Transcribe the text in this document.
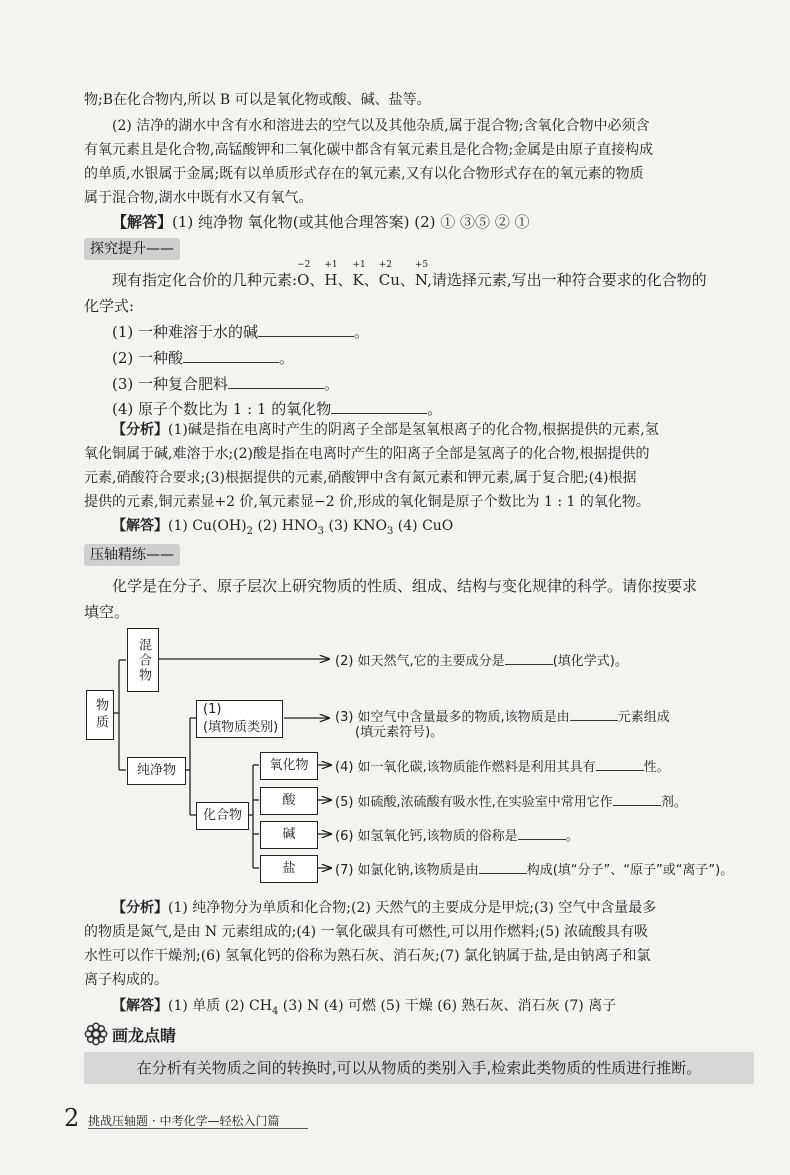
物;B在化合物内,所以 B 可以是氧化物或酸、碱、盐等。
(2) 洁净的湖水中含有水和溶进去的空气以及其他杂质,属于混合物;含氧化合物中必须含
有氧元素且是化合物,高锰酸钾和二氧化碳中都含有氧元素且是化合物;金属是由原子直接构成
的单质,水银属于金属;既有以单质形式存在的氧元素,又有以化合物形式存在的氧元素的物质
属于混合物,湖水中既有水又有氧气。
【解答】(1) 纯净物 氧化物(或其他合理答案) (2) ① ③⑤ ② ①
探究提升——
现有指定化合价的几种元素:
−2
O、
+1
H、
+1
K、
+2
Cu、
+5
N,请选择元素,写出一种符合要求的化合物的
化学式:
(1) 一种难溶于水的碱	。
(2) 一种酸	。
(3) 一种复合肥料	。
(4) 原子个数比为 1 : 1 的氧化物	。
【分析】(1)碱是指在电离时产生的阴离子全部是氢氧根离子的化合物,根据提供的元素,氢
氧化铜属于碱,难溶于水;(2)酸是指在电离时产生的阳离子全部是氢离子的化合物,根据提供的
元素,硝酸符合要求;(3)根据提供的元素,硝酸钾中含有氮元素和钾元素,属于复合肥;(4)根据
提供的元素,铜元素显+2 价,氧元素显−2 价,形成的氧化铜是原子个数比为 1 : 1 的氧化物。
【解答】(1) $Cu(OH)_2$ (2) $HNO_3$ (3) $KNO_3$ (4) CuO
压轴精练——
化学是在分子、原子层次上研究物质的性质、组成、结构与变化规律的科学。请你按要求
填空。
物质
混合物
纯净物
(1)
(填物质类别)
化合物
氧化物
酸
碱
盐
(2) 如天然气,它的主要成分是	(填化学式)。
(3) 如空气中含量最多的物质,该物质是由	元素组成
(填元素符号)。
(4) 如一氧化碳,该物质能作燃料是利用其具有	性。
(5) 如硫酸,浓硫酸有吸水性,在实验室中常用它作	剂。
(6) 如氢氧化钙,该物质的俗称是	。
(7) 如氯化钠,该物质是由	构成(填“分子”、“原子”或“离子”)。
【分析】(1) 纯净物分为单质和化合物;(2) 天然气的主要成分是甲烷;(3) 空气中含量最多
的物质是氮气,是由 N 元素组成的;(4) 一氧化碳具有可燃性,可以用作燃料;(5) 浓硫酸具有吸
水性可以作干燥剂;(6) 氢氧化钙的俗称为熟石灰、消石灰;(7) 氯化钠属于盐,是由钠离子和氯
离子构成的。
【解答】(1) 单质 (2) $CH_4$ (3) N (4) 可燃 (5) 干燥 (6) 熟石灰、消石灰 (7) 离子
画龙点睛
在分析有关物质之间的转换时,可以从物质的类别入手,检索此类物质的性质进行推断。
2 挑战压轴题 · 中考化学—轻松入门篇
